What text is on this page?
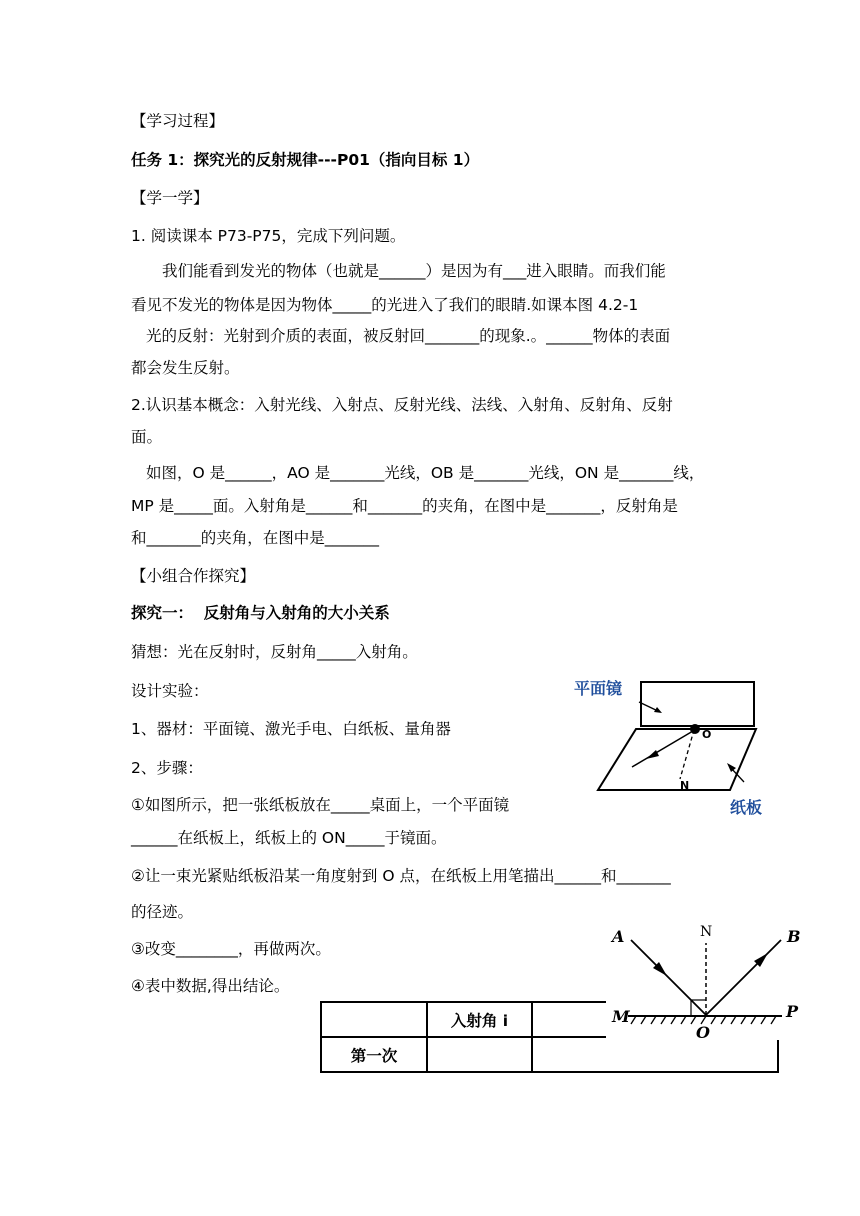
【学习过程】
任务 1：探究光的反射规律---P01（指向目标 1）
【学一学】
1. 阅读课本 P73-P75，完成下列问题。
我们能看到发光的物体（也就是______）是因为有___进入眼睛。而我们能
看见不发光的物体是因为物体_____的光进入了我们的眼睛.如课本图 4.2-1
光的反射：光射到介质的表面，被反射回_______的现象.。______物体的表面
都会发生反射。
2.认识基本概念：入射光线、入射点、反射光线、法线、入射角、反射角、反射
面。
如图，O 是______，AO 是_______光线，OB 是_______光线，ON 是_______线，
MP 是_____面。入射角是______和_______的夹角，在图中是_______，反射角是
和_______的夹角，在图中是_______
【小组合作探究】
探究一：  反射角与入射角的大小关系
猜想：光在反射时，反射角_____入射角。
设计实验：
1、器材：平面镜、激光手电、白纸板、量角器
2、步骤：
①如图所示，把一张纸板放在_____桌面上，一个平面镜
______在纸板上，纸板上的 ON_____于镜面。
②让一束光紧贴纸板沿某一角度射到 O 点，在纸板上用笔描出______和_______
的径迹。
③改变________，再做两次。
④表中数据,得出结论。
O
N
平面镜
纸板
	入射角 i	
第一次		
A	B
N
M	P
O
